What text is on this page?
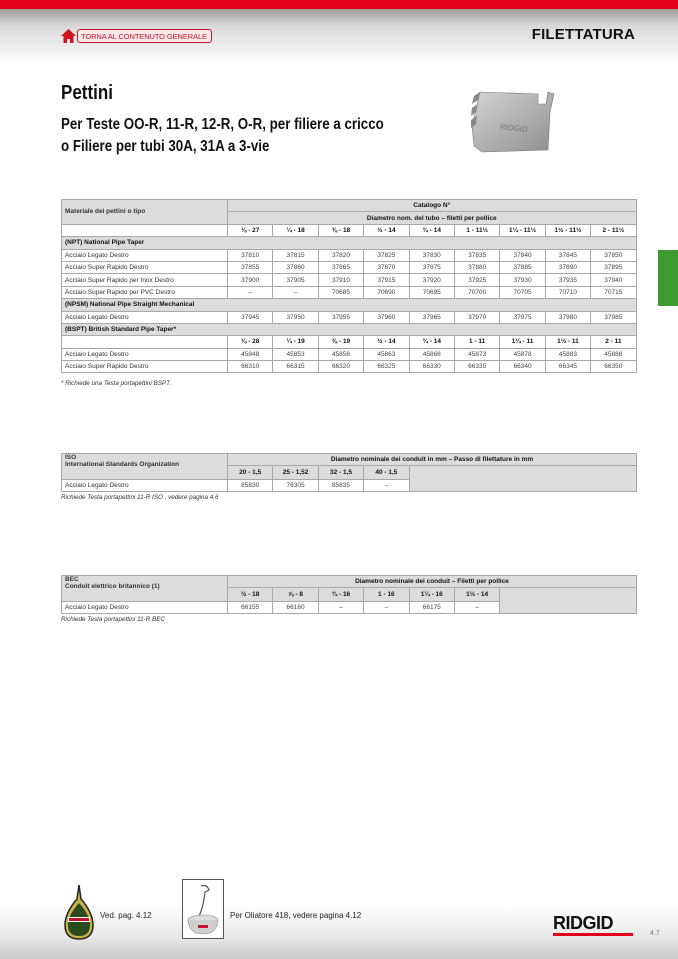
TORNA AL CONTENUTO GENERALE	FILETTATURA
Pettini
Per Teste OO-R, 11-R, 12-R, O-R, per filiere a cricco
o Filiere per tubi 30A, 31A a 3-vie
RIDGID
Materiale dei pettini o tipo	Catalogo N°								
	Diametro nom. del tubo – filetti per pollice								
	⅛ - 27	¼ - 18	⅜ - 18	½ - 14	¾ - 14	1 - 11½	1¼ - 11½	1½ - 11½	2 - 11½
(NPT) National Pipe Taper									
Acciaio Legato Destro	37810	37815	37820	37825	37830	37835	37840	37845	37850
Acciaio Super Rapido Destro	37855	37860	37865	37870	37875	37880	37885	37890	37895
Acciaio Super Rapido per Inox Destro	37900	37905	37910	37915	37920	37925	37930	37935	37940
Acciaio Super Rapido per PVC Destro	–	–	70685	70690	70695	70700	70705	70710	70715
(NPSM) National Pipe Straight Mechanical									
Acciaio Legato Destro	37945	37950	37955	37960	37965	37970	37975	37980	37985
(BSPT) British Standard Pipe Taper*									
	⅛ - 28	¼ - 19	⅜ - 19	½ - 14	¾ - 14	1 - 11	1¼ - 11	1½ - 11	2 - 11
Acciaio Legato Destro	45848	45853	45858	45863	45868	45873	45878	45883	45888
Acciaio Super Rapido Destro	66310	66315	66320	66325	66330	66335	66340	66345	66350
* Richiede una Testa portapettini BSPT.
ISO
International Standards Organization	Diametro nominale dei conduit in mm – Passo di filettature in mm				
	20 - 1,5	25 - 1,52	32 - 1,5	40 - 1,5	
Acciaio Legato Destro	85830	76305	85835	–	
Richiede Testa portapettini 11-R ISO , vedere pagina 4.6
BEC
Conduit elettrico britannico (1)	Diametro nominale dei conduit – Filetti per pollice						
	½ - 18	⅝ - 8	¾ - 16	1 - 16	1¼ - 16	1½ - 14	
Acciaio Legato Destro	66155	66160	–	–	66175	–	
Richiede Testa portapettini 11-R BEC
Ved. pag. 4.12	Per Oliatore 418, vedere pagina 4.12	RIDGID
4.7
